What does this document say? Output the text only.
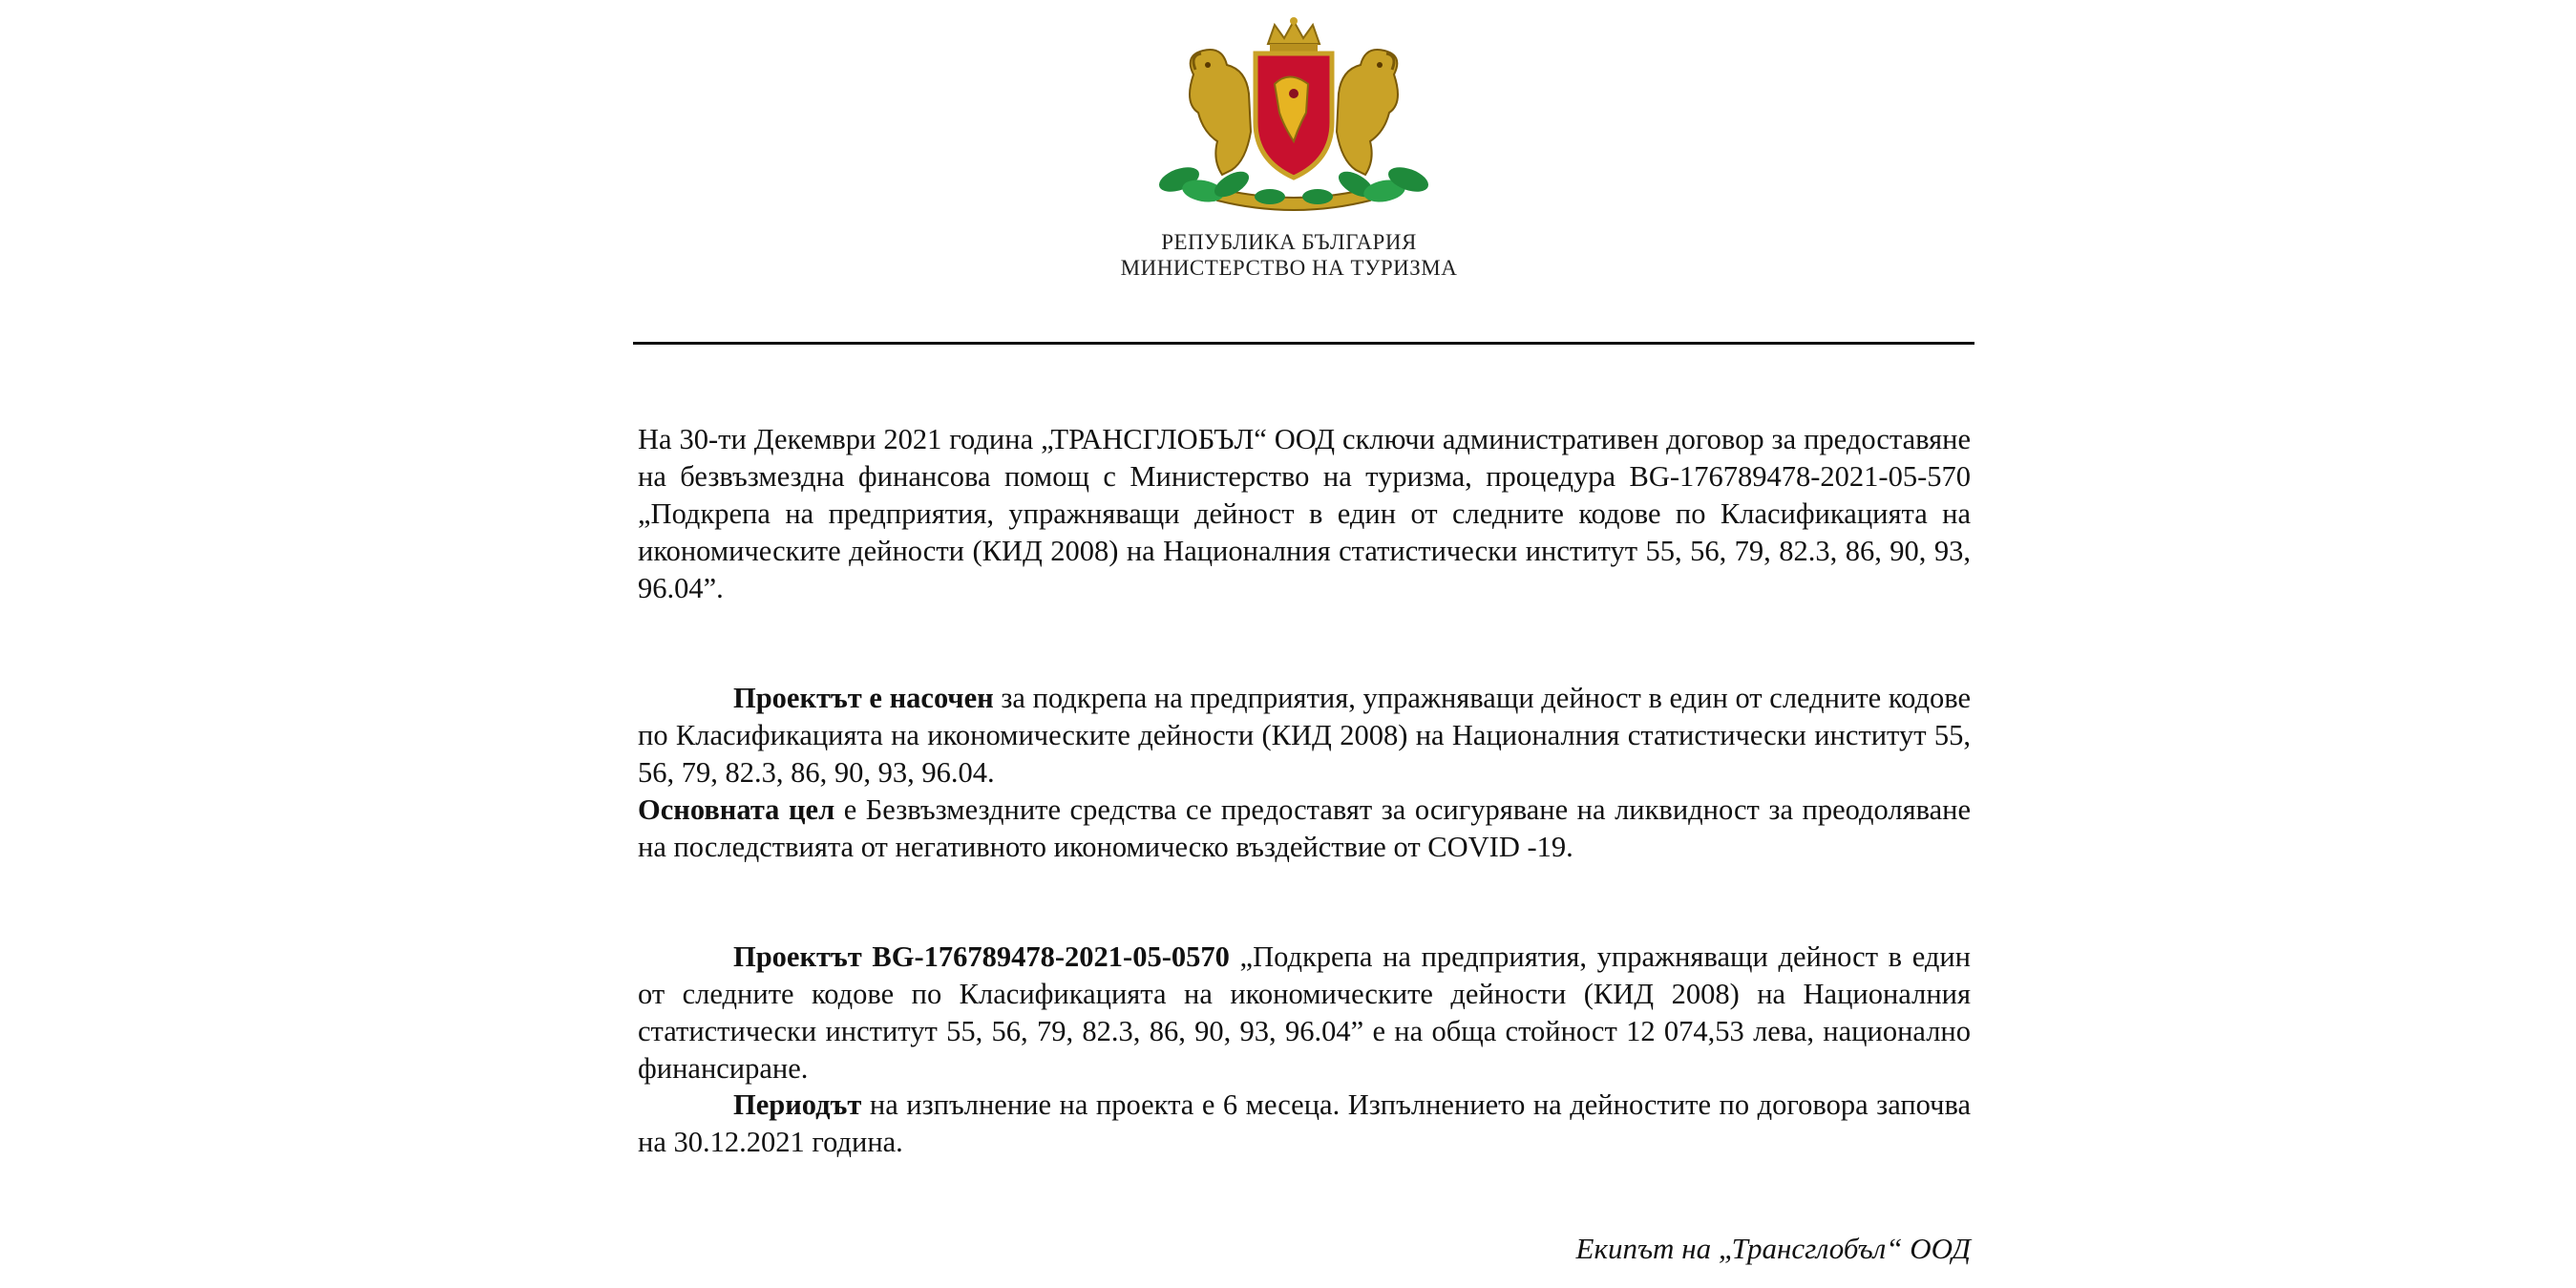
РЕПУБЛИКА БЪЛГАРИЯ
МИНИСТЕРСТВО НА ТУРИЗМА

На 30-ти Декември 2021 година „ТРАНСГЛОБЪЛ“ ООД сключи административен договор за предоставяне на безвъзмездна финансова помощ с Министерство на туризма, процедура BG-176789478-2021-05-570 „Подкрепа на предприятия, упражняващи дейност в един от следните кодове по Класификацията на икономическите дейности (КИД 2008) на Националния статистически институт 55, 56, 79, 82.3, 86, 90, 93, 96.04”.

Проектът е насочен за подкрепа на предприятия, упражняващи дейност в един от следните кодове по Класификацията на икономическите дейности (КИД 2008) на Националния статистически институт 55, 56, 79, 82.3, 86, 90, 93, 96.04.

Основната цел е Безвъзмездните средства се предоставят за осигуряване на ликвидност за преодоляване на последствията от негативното икономическо въздействие от COVID -19.

Проектът BG-176789478-2021-05-0570 „Подкрепа на предприятия, упражняващи дейност в един от следните кодове по Класификацията на икономическите дейности (КИД 2008) на Националния статистически институт 55, 56, 79, 82.3, 86, 90, 93, 96.04” е на обща стойност 12 074,53 лева, национално финансиране.

Периодът на изпълнение на проекта е 6 месеца. Изпълнението на дейностите по договора започва на 30.12.2021 година.

Екипът на „Трансглобъл“ ООД
